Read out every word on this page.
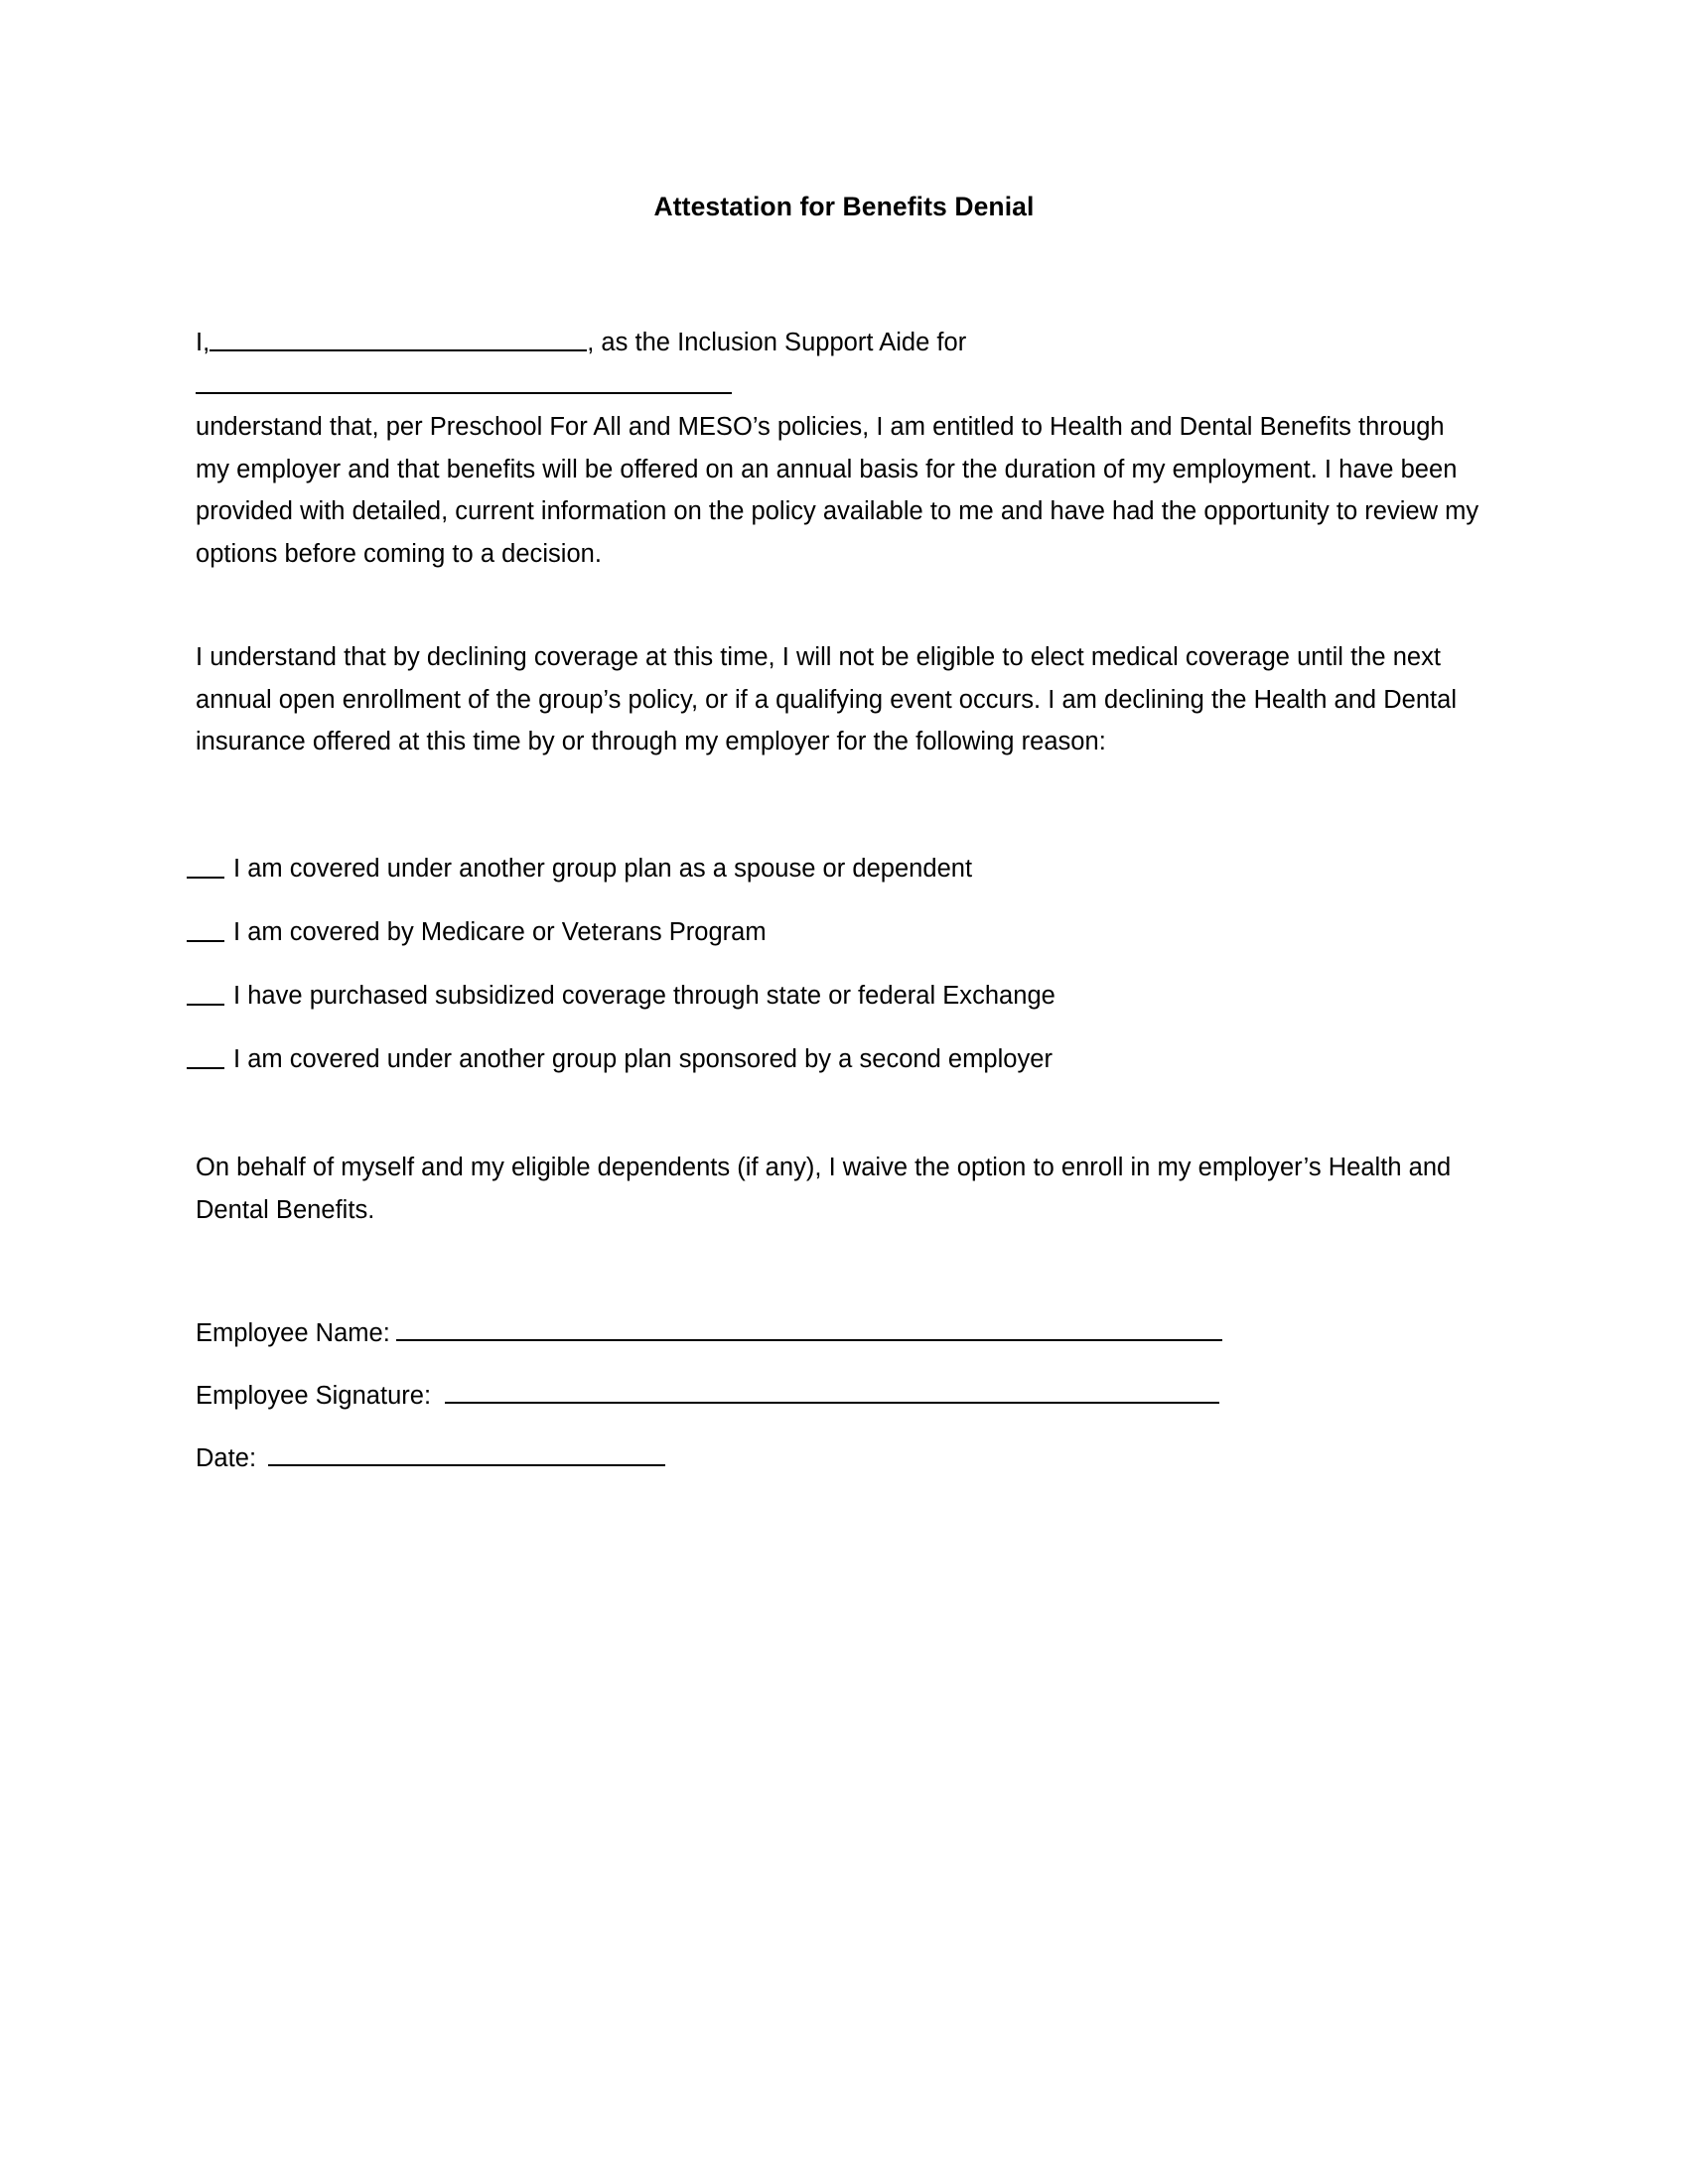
Attestation for Benefits Denial

I,	, as the Inclusion Support Aide for

understand that, per Preschool For All and MESO’s policies, I am entitled to Health and Dental Benefits through my employer and that benefits will be offered on an annual basis for the duration of my employment. I have been provided with detailed, current information on the policy available to me and have had the opportunity to review my options before coming to a decision.

I understand that by declining coverage at this time, I will not be eligible to elect medical coverage until the next annual open enrollment of the group’s policy, or if a qualifying event occurs. I am declining the Health and Dental insurance offered at this time by or through my employer for the following reason:

I am covered under another group plan as a spouse or dependent
I am covered by Medicare or Veterans Program
I have purchased subsidized coverage through state or federal Exchange
I am covered under another group plan sponsored by a second employer

On behalf of myself and my eligible dependents (if any), I waive the option to enroll in my employer’s Health and Dental Benefits.

Employee Name:
Employee Signature:
Date:
